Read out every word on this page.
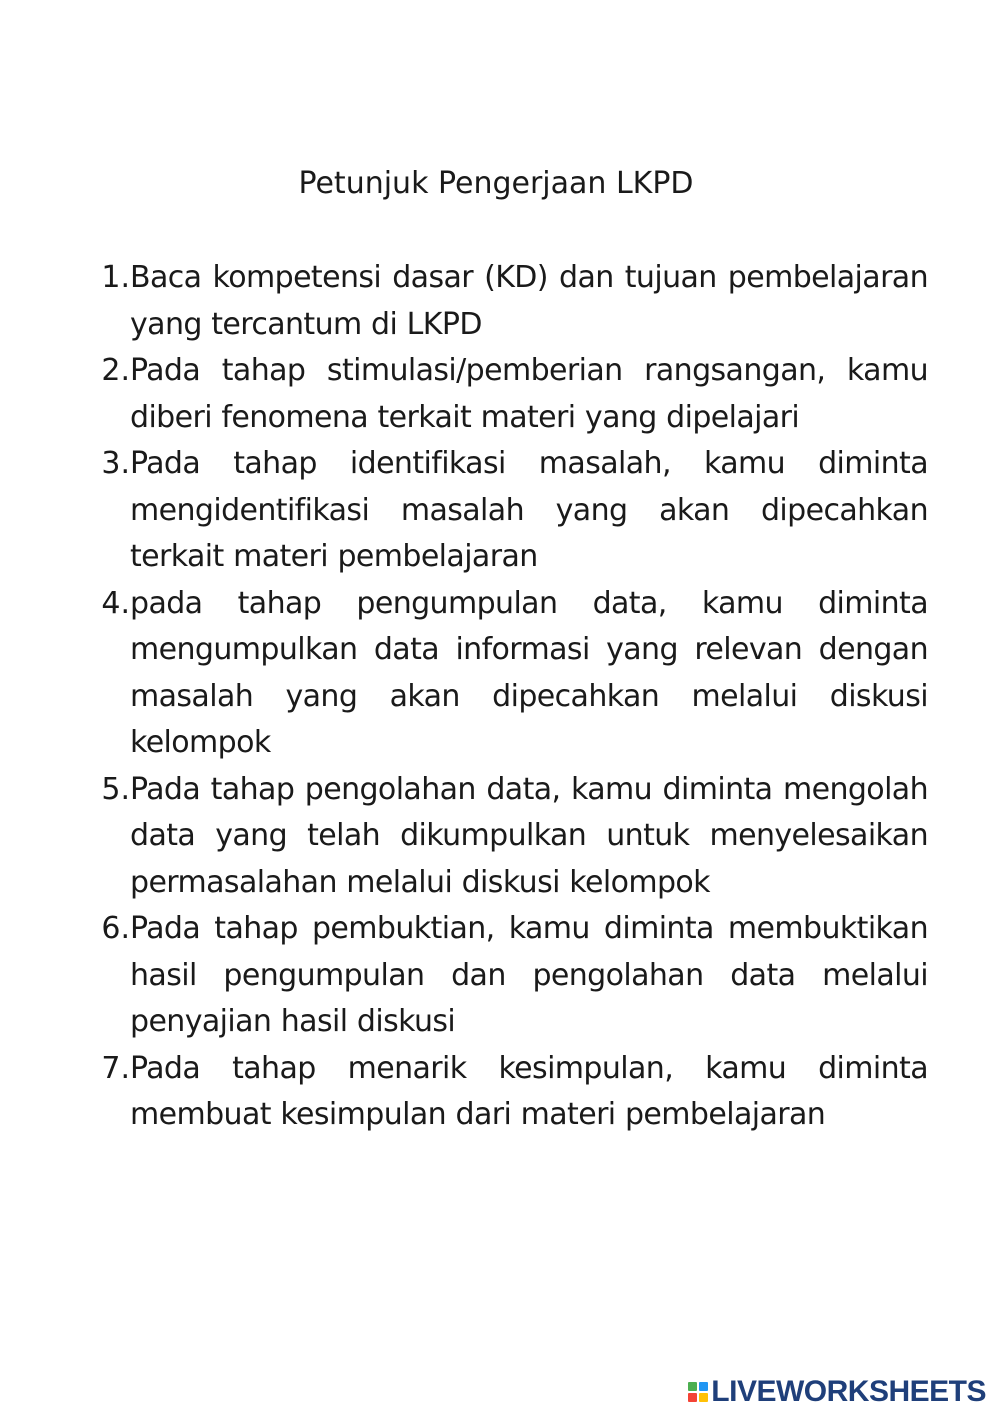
Petunjuk Pengerjaan LKPD
1. Baca kompetensi dasar (KD) dan tujuan pembelajaran yang tercantum di LKPD
2. Pada tahap stimulasi/pemberian rangsangan, kamu diberi fenomena terkait materi yang dipelajari
3. Pada tahap identifikasi masalah, kamu diminta mengidentifikasi masalah yang akan dipecahkan terkait materi pembelajaran
4. pada tahap pengumpulan data, kamu diminta mengumpulkan data informasi yang relevan dengan masalah yang akan dipecahkan melalui diskusi kelompok
5. Pada tahap pengolahan data, kamu diminta mengolah data yang telah dikumpulkan untuk menyelesaikan permasalahan melalui diskusi kelompok
6. Pada tahap pembuktian, kamu diminta membuktikan hasil pengumpulan dan pengolahan data melalui penyajian hasil diskusi
7. Pada tahap menarik kesimpulan, kamu diminta membuat kesimpulan dari materi pembelajaran
LIVEWORKSHEETS
